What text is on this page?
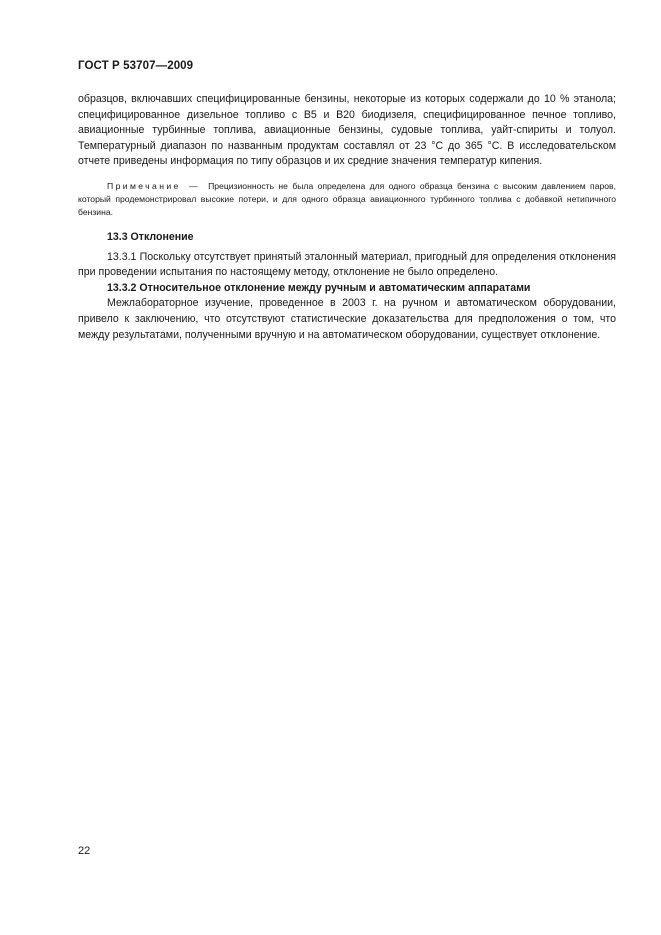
ГОСТ Р 53707—2009

образцов, включавших специфицированные бензины, некоторые из которых содержали до 10 % этанола; специфицированное дизельное топливо с В5 и В20 биодизеля, специфицированное печное топливо, авиационные турбинные топлива, авиационные бензины, судовые топлива, уайт-спириты и толуол. Температурный диапазон по названным продуктам составлял от 23 °С до 365 °С. В исследовательском отчете приведены информация по типу образцов и их средние значения температур кипения.

Примечание — Прецизионность не была определена для одного образца бензина с высоким давлением паров, который продемонстрировал высокие потери, и для одного образца авиационного турбинного топлива с добавкой нетипичного бензина.

13.3 Отклонение

13.3.1 Поскольку отсутствует принятый эталонный материал, пригодный для определения отклонения при проведении испытания по настоящему методу, отклонение не было определено.

13.3.2 Относительное отклонение между ручным и автоматическим аппаратами

Межлабораторное изучение, проведенное в 2003 г. на ручном и автоматическом оборудовании, привело к заключению, что отсутствуют статистические доказательства для предположения о том, что между результатами, полученными вручную и на автоматическом оборудовании, существует отклонение.

22
